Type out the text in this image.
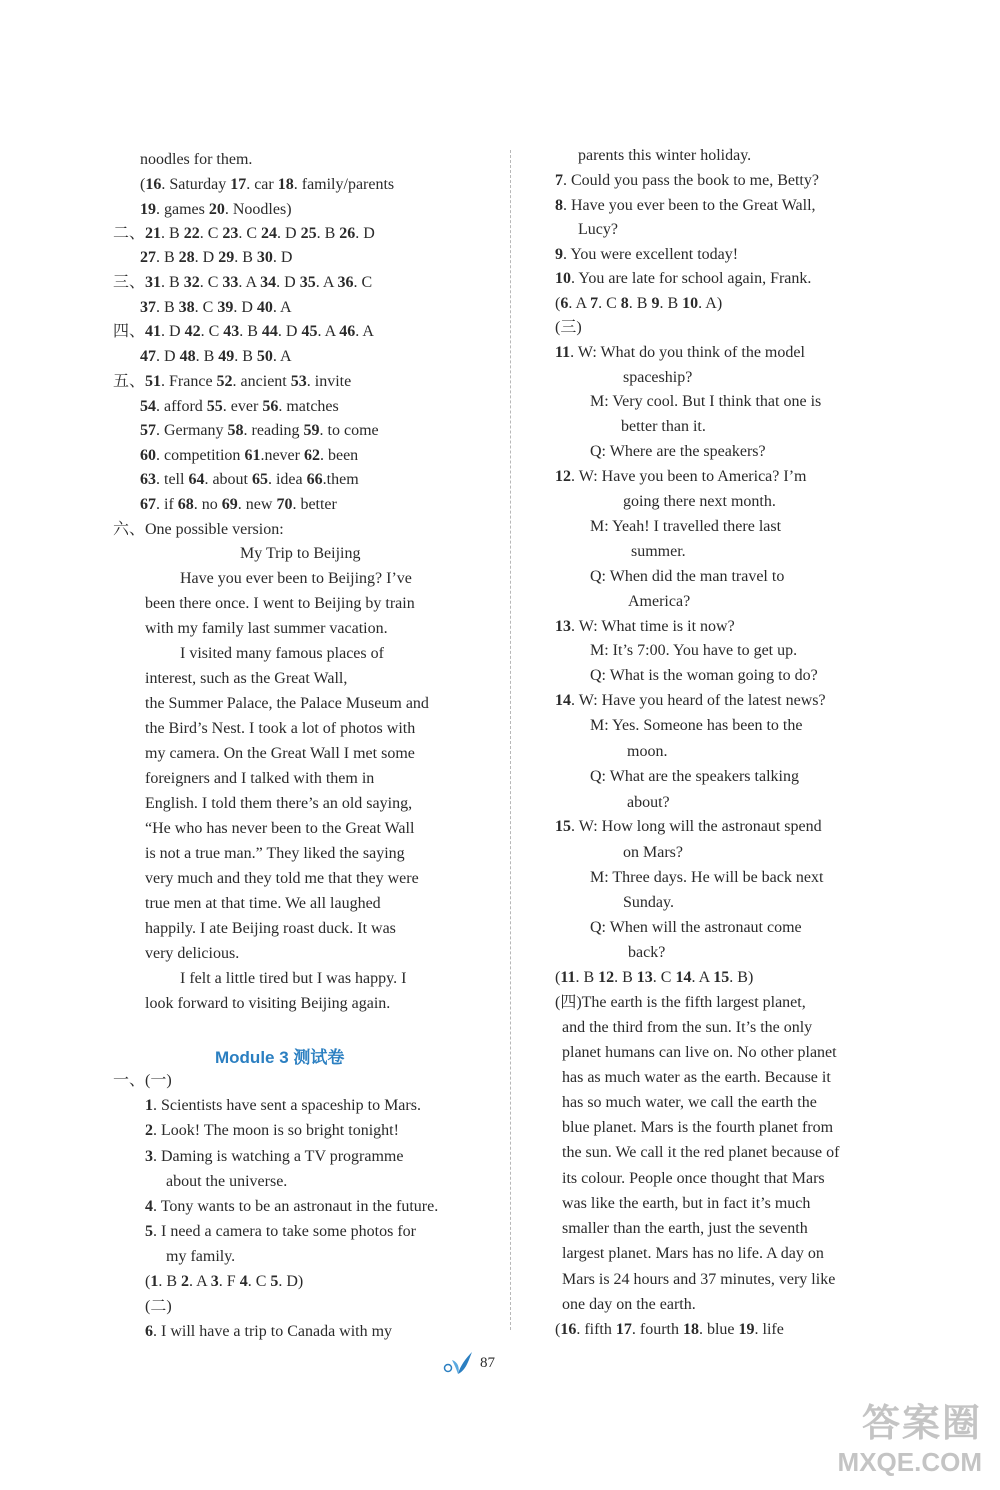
noodles for them.
(16. Saturday 17. car 18. family/parents
19. games 20. Noodles)
二、21. B 22. C 23. C 24. D 25. B 26. D
27. B 28. D 29. B 30. D
三、31. B 32. C 33. A 34. D 35. A 36. C
37. B 38. C 39. D 40. A
四、41. D 42. C 43. B 44. D 45. A 46. A
47. D 48. B 49. B 50. A
五、51. France 52. ancient 53. invite
54. afford 55. ever 56. matches
57. Germany 58. reading 59. to come
60. competition 61.never 62. been
63. tell 64. about 65. idea 66.them
67. if 68. no 69. new 70. better
六、One possible version:
My Trip to Beijing
Have you ever been to Beijing? I’ve
been there once. I went to Beijing by train
with my family last summer vacation.
I visited many famous places of
interest, such as the Great Wall,
the Summer Palace, the Palace Museum and
the Bird’s Nest. I took a lot of photos with
my camera. On the Great Wall I met some
foreigners and I talked with them in
English. I told them there’s an old saying,
“He who has never been to the Great Wall
is not a true man.” They liked the saying
very much and they told me that they were
true men at that time. We all laughed
happily. I ate Beijing roast duck. It was
very delicious.
I felt a little tired but I was happy. I
look forward to visiting Beijing again.
一、(一)
1. Scientists have sent a spaceship to Mars.
2. Look! The moon is so bright tonight!
3. Daming is watching a TV programme
about the universe.
4. Tony wants to be an astronaut in the future.
5. I need a camera to take some photos for
my family.
(1. B 2. A 3. F 4. C 5. D)
(二)
6. I will have a trip to Canada with my
Module 3 测试卷
parents this winter holiday.
7. Could you pass the book to me, Betty?
8. Have you ever been to the Great Wall,
Lucy?
9. You were excellent today!
10. You are late for school again, Frank.
(6. A 7. C 8. B 9. B 10. A)
(三)
11. W: What do you think of the model
spaceship?
M: Very cool. But I think that one is
better than it.
Q: Where are the speakers?
12. W: Have you been to America? I’m
going there next month.
M: Yeah! I travelled there last
summer.
Q: When did the man travel to
America?
13. W: What time is it now?
M: It’s 7:00. You have to get up.
Q: What is the woman going to do?
14. W: Have you heard of the latest news?
M: Yes. Someone has been to the
moon.
Q: What are the speakers talking
about?
15. W: How long will the astronaut spend
on Mars?
M: Three days. He will be back next
Sunday.
Q: When will the astronaut come
back?
(11. B 12. B 13. C 14. A 15. B)
(四)The earth is the fifth largest planet,
and the third from the sun. It’s the only
planet humans can live on. No other planet
has as much water as the earth. Because it
has so much water, we call the earth the
blue planet. Mars is the fourth planet from
the sun. We call it the red planet because of
its colour. People once thought that Mars
was like the earth, but in fact it’s much
smaller than the earth, just the seventh
largest planet. Mars has no life. A day on
Mars is 24 hours and 37 minutes, very like
one day on the earth.
(16. fifth 17. fourth 18. blue 19. life
87
答案圈
MXQE.COM
